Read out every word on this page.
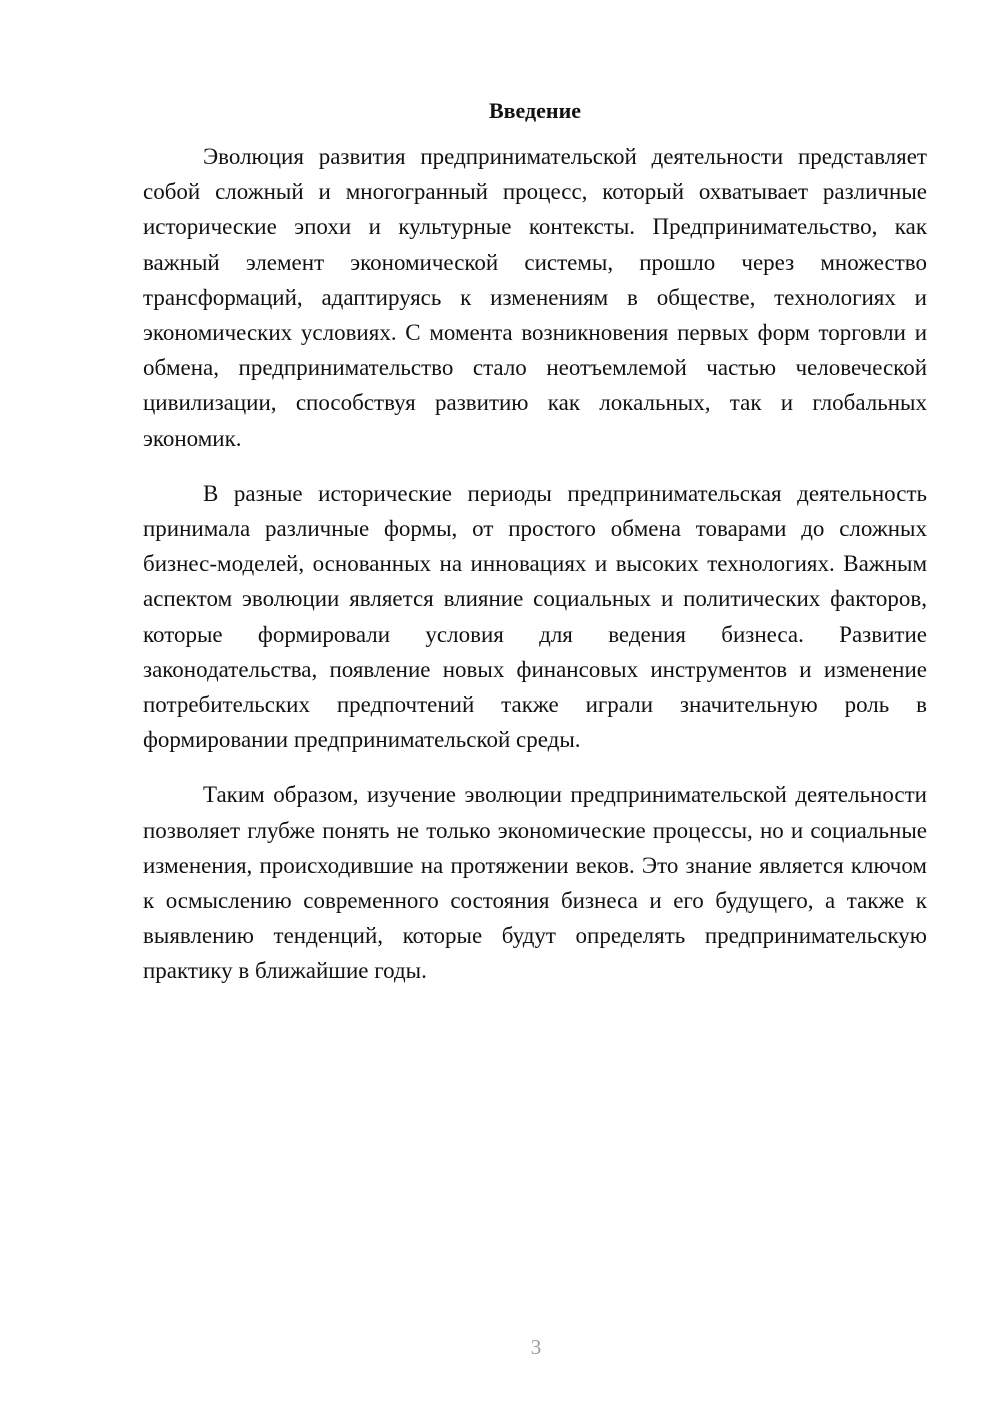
Введение

Эволюция развития предпринимательской деятельности представляет собой сложный и многогранный процесс, который охватывает различные исторические эпохи и культурные контексты. Предпринимательство, как важный элемент экономической системы, прошло через множество трансформаций, адаптируясь к изменениям в обществе, технологиях и экономических условиях. С момента возникновения первых форм торговли и обмена, предпринимательство стало неотъемлемой частью человеческой цивилизации, способствуя развитию как локальных, так и глобальных экономик.

В разные исторические периоды предпринимательская деятельность принимала различные формы, от простого обмена товарами до сложных бизнес-моделей, основанных на инновациях и высоких технологиях. Важным аспектом эволюции является влияние социальных и политических факторов, которые формировали условия для ведения бизнеса. Развитие законодательства, появление новых финансовых инструментов и изменение потребительских предпочтений также играли значительную роль в формировании предпринимательской среды.

Таким образом, изучение эволюции предпринимательской деятельности позволяет глубже понять не только экономические процессы, но и социальные изменения, происходившие на протяжении веков. Это знание является ключом к осмыслению современного состояния бизнеса и его будущего, а также к выявлению тенденций, которые будут определять предпринимательскую практику в ближайшие годы.

3
